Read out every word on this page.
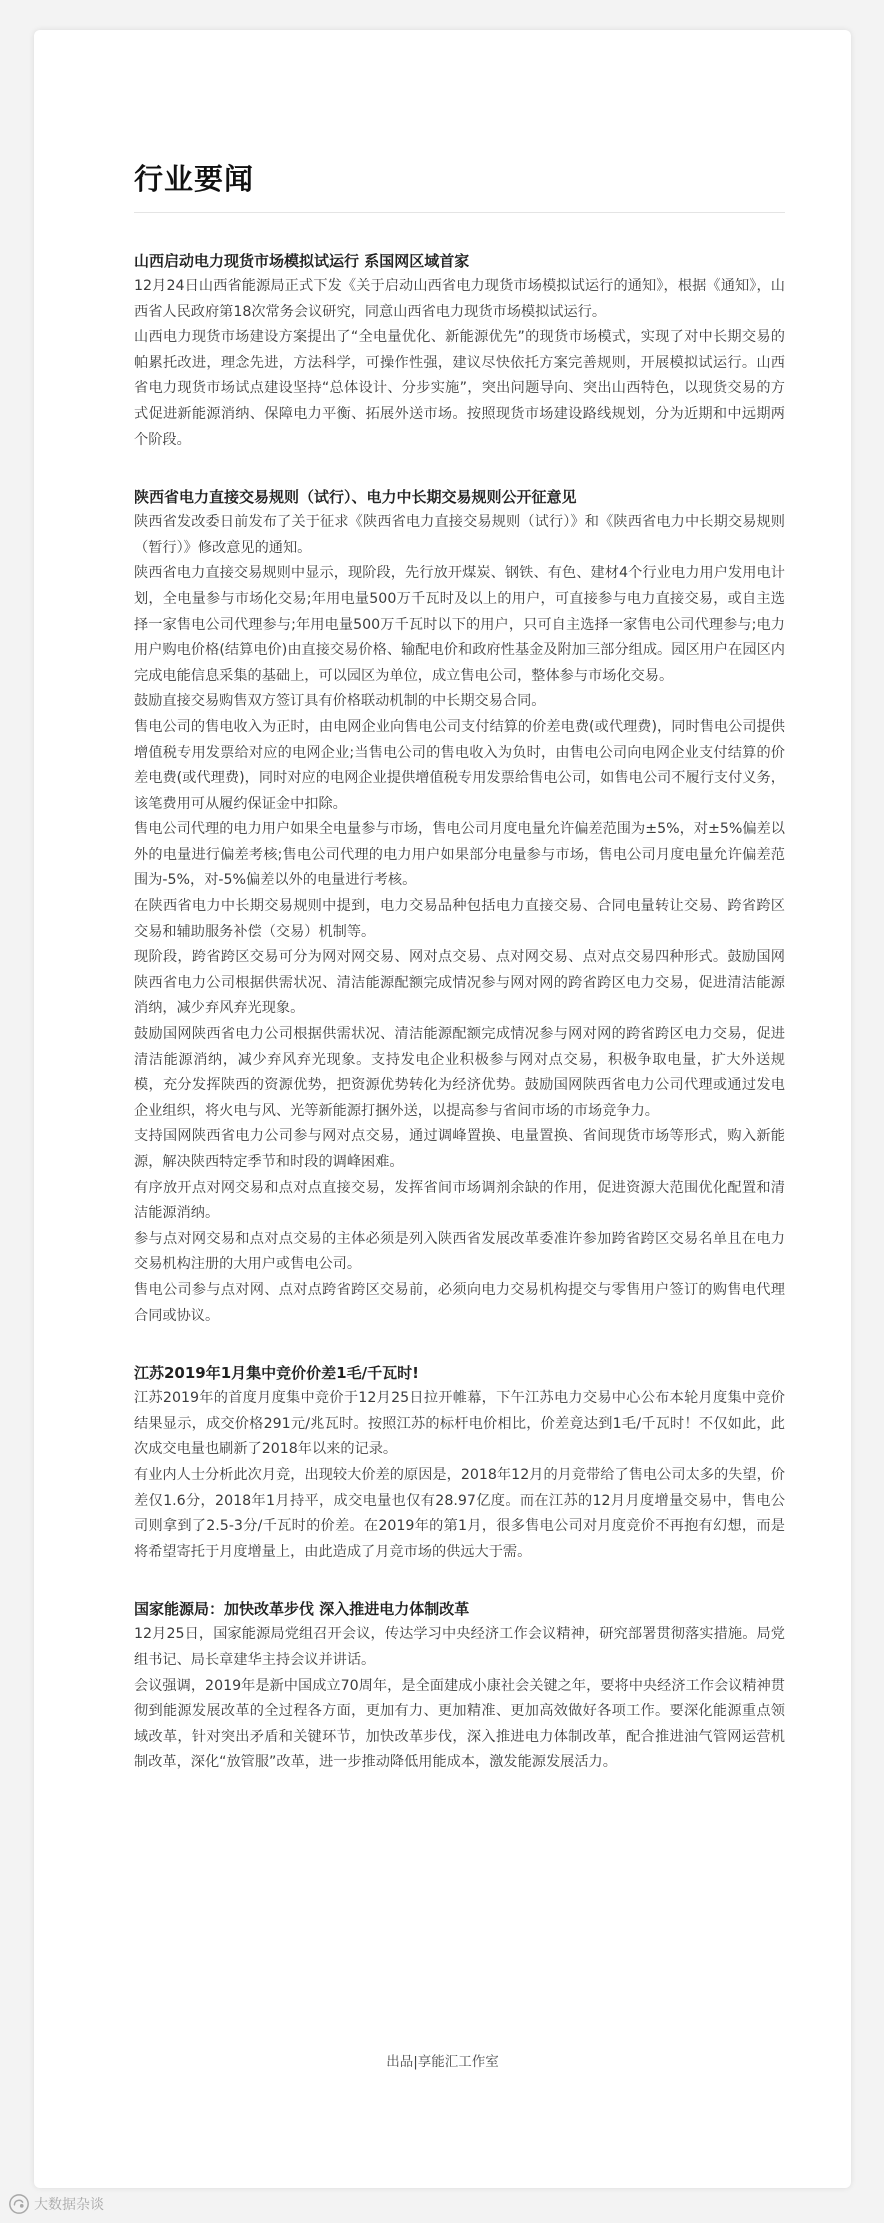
行业要闻

山西启动电力现货市场模拟试运行 系国网区域首家

12月24日山西省能源局正式下发《关于启动山西省电力现货市场模拟试运行的通知》，根据《通知》，山西省人民政府第18次常务会议研究，同意山西省电力现货市场模拟试运行。

山西电力现货市场建设方案提出了“全电量优化、新能源优先”的现货市场模式，实现了对中长期交易的帕累托改进，理念先进，方法科学，可操作性强，建议尽快依托方案完善规则，开展模拟试运行。山西省电力现货市场试点建设坚持“总体设计、分步实施”，突出问题导向、突出山西特色，以现货交易的方式促进新能源消纳、保障电力平衡、拓展外送市场。按照现货市场建设路线规划，分为近期和中远期两个阶段。

陕西省电力直接交易规则（试行）、电力中长期交易规则公开征意见

陕西省发改委日前发布了关于征求《陕西省电力直接交易规则（试行）》和《陕西省电力中长期交易规则（暂行）》修改意见的通知。

陕西省电力直接交易规则中显示，现阶段，先行放开煤炭、钢铁、有色、建材4个行业电力用户发用电计划，全电量参与市场化交易;年用电量500万千瓦时及以上的用户，可直接参与电力直接交易，或自主选择一家售电公司代理参与;年用电量500万千瓦时以下的用户，只可自主选择一家售电公司代理参与;电力用户购电价格(结算电价)由直接交易价格、输配电价和政府性基金及附加三部分组成。园区用户在园区内完成电能信息采集的基础上，可以园区为单位，成立售电公司，整体参与市场化交易。

鼓励直接交易购售双方签订具有价格联动机制的中长期交易合同。

售电公司的售电收入为正时，由电网企业向售电公司支付结算的价差电费(或代理费)，同时售电公司提供增值税专用发票给对应的电网企业;当售电公司的售电收入为负时，由售电公司向电网企业支付结算的价差电费(或代理费)，同时对应的电网企业提供增值税专用发票给售电公司，如售电公司不履行支付义务，该笔费用可从履约保证金中扣除。

售电公司代理的电力用户如果全电量参与市场，售电公司月度电量允许偏差范围为±5%，对±5%偏差以外的电量进行偏差考核;售电公司代理的电力用户如果部分电量参与市场，售电公司月度电量允许偏差范围为-5%，对-5%偏差以外的电量进行考核。

在陕西省电力中长期交易规则中提到，电力交易品种包括电力直接交易、合同电量转让交易、跨省跨区交易和辅助服务补偿（交易）机制等。

现阶段，跨省跨区交易可分为网对网交易、网对点交易、点对网交易、点对点交易四种形式。鼓励国网陕西省电力公司根据供需状况、清洁能源配额完成情况参与网对网的跨省跨区电力交易，促进清洁能源消纳，减少弃风弃光现象。

鼓励国网陕西省电力公司根据供需状况、清洁能源配额完成情况参与网对网的跨省跨区电力交易，促进清洁能源消纳，减少弃风弃光现象。支持发电企业积极参与网对点交易，积极争取电量，扩大外送规模，充分发挥陕西的资源优势，把资源优势转化为经济优势。鼓励国网陕西省电力公司代理或通过发电企业组织，将火电与风、光等新能源打捆外送，以提高参与省间市场的市场竞争力。

支持国网陕西省电力公司参与网对点交易，通过调峰置换、电量置换、省间现货市场等形式，购入新能源，解决陕西特定季节和时段的调峰困难。

有序放开点对网交易和点对点直接交易，发挥省间市场调剂余缺的作用，促进资源大范围优化配置和清洁能源消纳。

参与点对网交易和点对点交易的主体必须是列入陕西省发展改革委准许参加跨省跨区交易名单且在电力交易机构注册的大用户或售电公司。

售电公司参与点对网、点对点跨省跨区交易前，必须向电力交易机构提交与零售用户签订的购售电代理合同或协议。

江苏2019年1月集中竞价价差1毛/千瓦时!

江苏2019年的首度月度集中竞价于12月25日拉开帷幕，下午江苏电力交易中心公布本轮月度集中竞价结果显示，成交价格291元/兆瓦时。按照江苏的标杆电价相比，价差竟达到1毛/千瓦时！不仅如此，此次成交电量也刷新了2018年以来的记录。

有业内人士分析此次月竞，出现较大价差的原因是，2018年12月的月竞带给了售电公司太多的失望，价差仅1.6分，2018年1月持平，成交电量也仅有28.97亿度。而在江苏的12月月度增量交易中，售电公司则拿到了2.5-3分/千瓦时的价差。在2019年的第1月，很多售电公司对月度竞价不再抱有幻想，而是将希望寄托于月度增量上，由此造成了月竞市场的供远大于需。

国家能源局：加快改革步伐 深入推进电力体制改革

12月25日，国家能源局党组召开会议，传达学习中央经济工作会议精神，研究部署贯彻落实措施。局党组书记、局长章建华主持会议并讲话。

会议强调，2019年是新中国成立70周年，是全面建成小康社会关键之年，要将中央经济工作会议精神贯彻到能源发展改革的全过程各方面，更加有力、更加精准、更加高效做好各项工作。要深化能源重点领域改革，针对突出矛盾和关键环节，加快改革步伐，深入推进电力体制改革，配合推进油气管网运营机制改革，深化“放管服”改革，进一步推动降低用能成本，激发能源发展活力。

出品|享能汇工作室
大数据杂谈
